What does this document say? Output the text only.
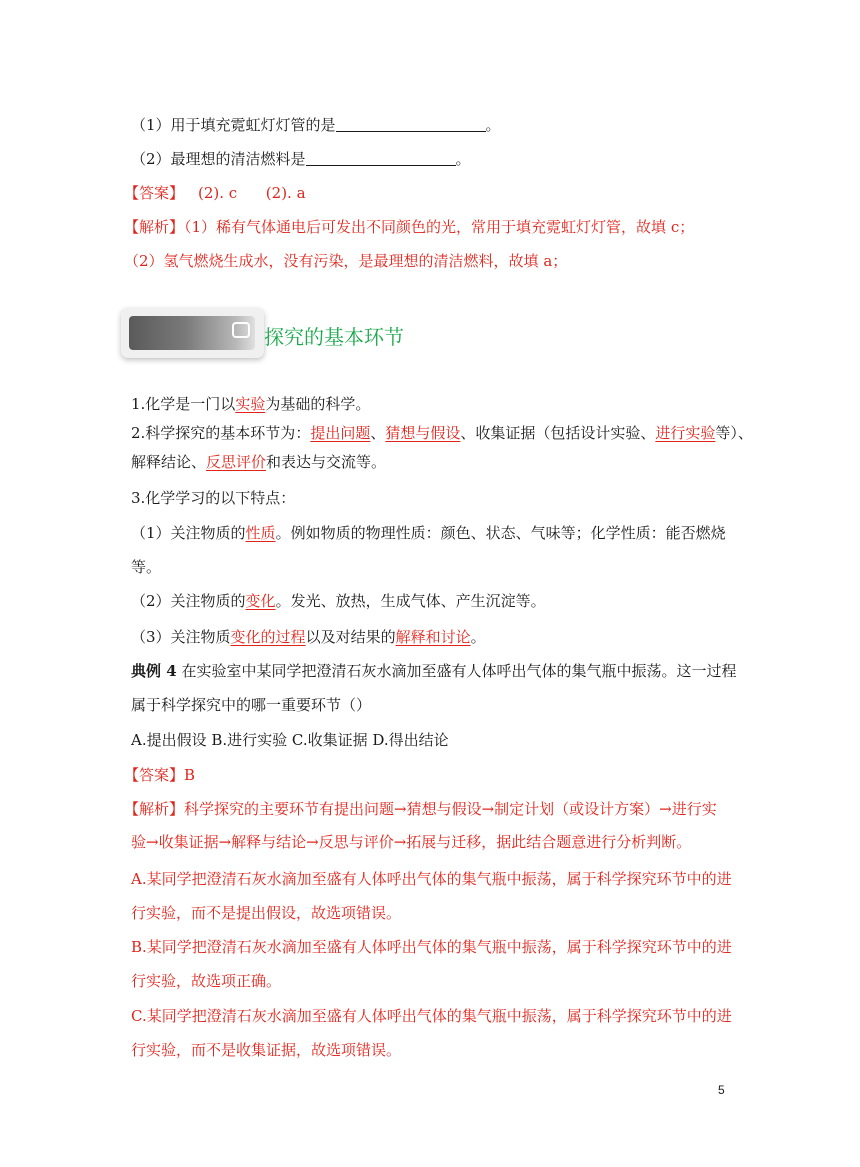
（1）用于填充霓虹灯灯管的是	。
（2）最理想的清洁燃料是	。
【答案】 (2). c      (2). a
【解析】（1）稀有气体通电后可发出不同颜色的光，常用于填充霓虹灯灯管，故填 c；
（2）氢气燃烧生成水，没有污染，是最理想的清洁燃料，故填 a；
探究的基本环节
1.化学是一门以实验为基础的科学。
2.科学探究的基本环节为：提出问题、猜想与假设、收集证据（包括设计实验、进行实验等）、
解释结论、反思评价和表达与交流等。
3.化学学习的以下特点：
（1）关注物质的性质。例如物质的物理性质：颜色、状态、气味等；化学性质：能否燃烧
等。
（2）关注物质的变化。发光、放热，生成气体、产生沉淀等。
（3）关注物质变化的过程以及对结果的解释和讨论。
典例 4 在实验室中某同学把澄清石灰水滴加至盛有人体呼出气体的集气瓶中振荡。这一过程
属于科学探究中的哪一重要环节（）
A.提出假设 B.进行实验 C.收集证据 D.得出结论
【答案】B
【解析】科学探究的主要环节有提出问题→猜想与假设→制定计划（或设计方案）→进行实
验→收集证据→解释与结论→反思与评价→拓展与迁移，据此结合题意进行分析判断。
A.某同学把澄清石灰水滴加至盛有人体呼出气体的集气瓶中振荡，属于科学探究环节中的进
行实验，而不是提出假设，故选项错误。
B.某同学把澄清石灰水滴加至盛有人体呼出气体的集气瓶中振荡，属于科学探究环节中的进
行实验，故选项正确。
C.某同学把澄清石灰水滴加至盛有人体呼出气体的集气瓶中振荡，属于科学探究环节中的进
行实验，而不是收集证据，故选项错误。
5
